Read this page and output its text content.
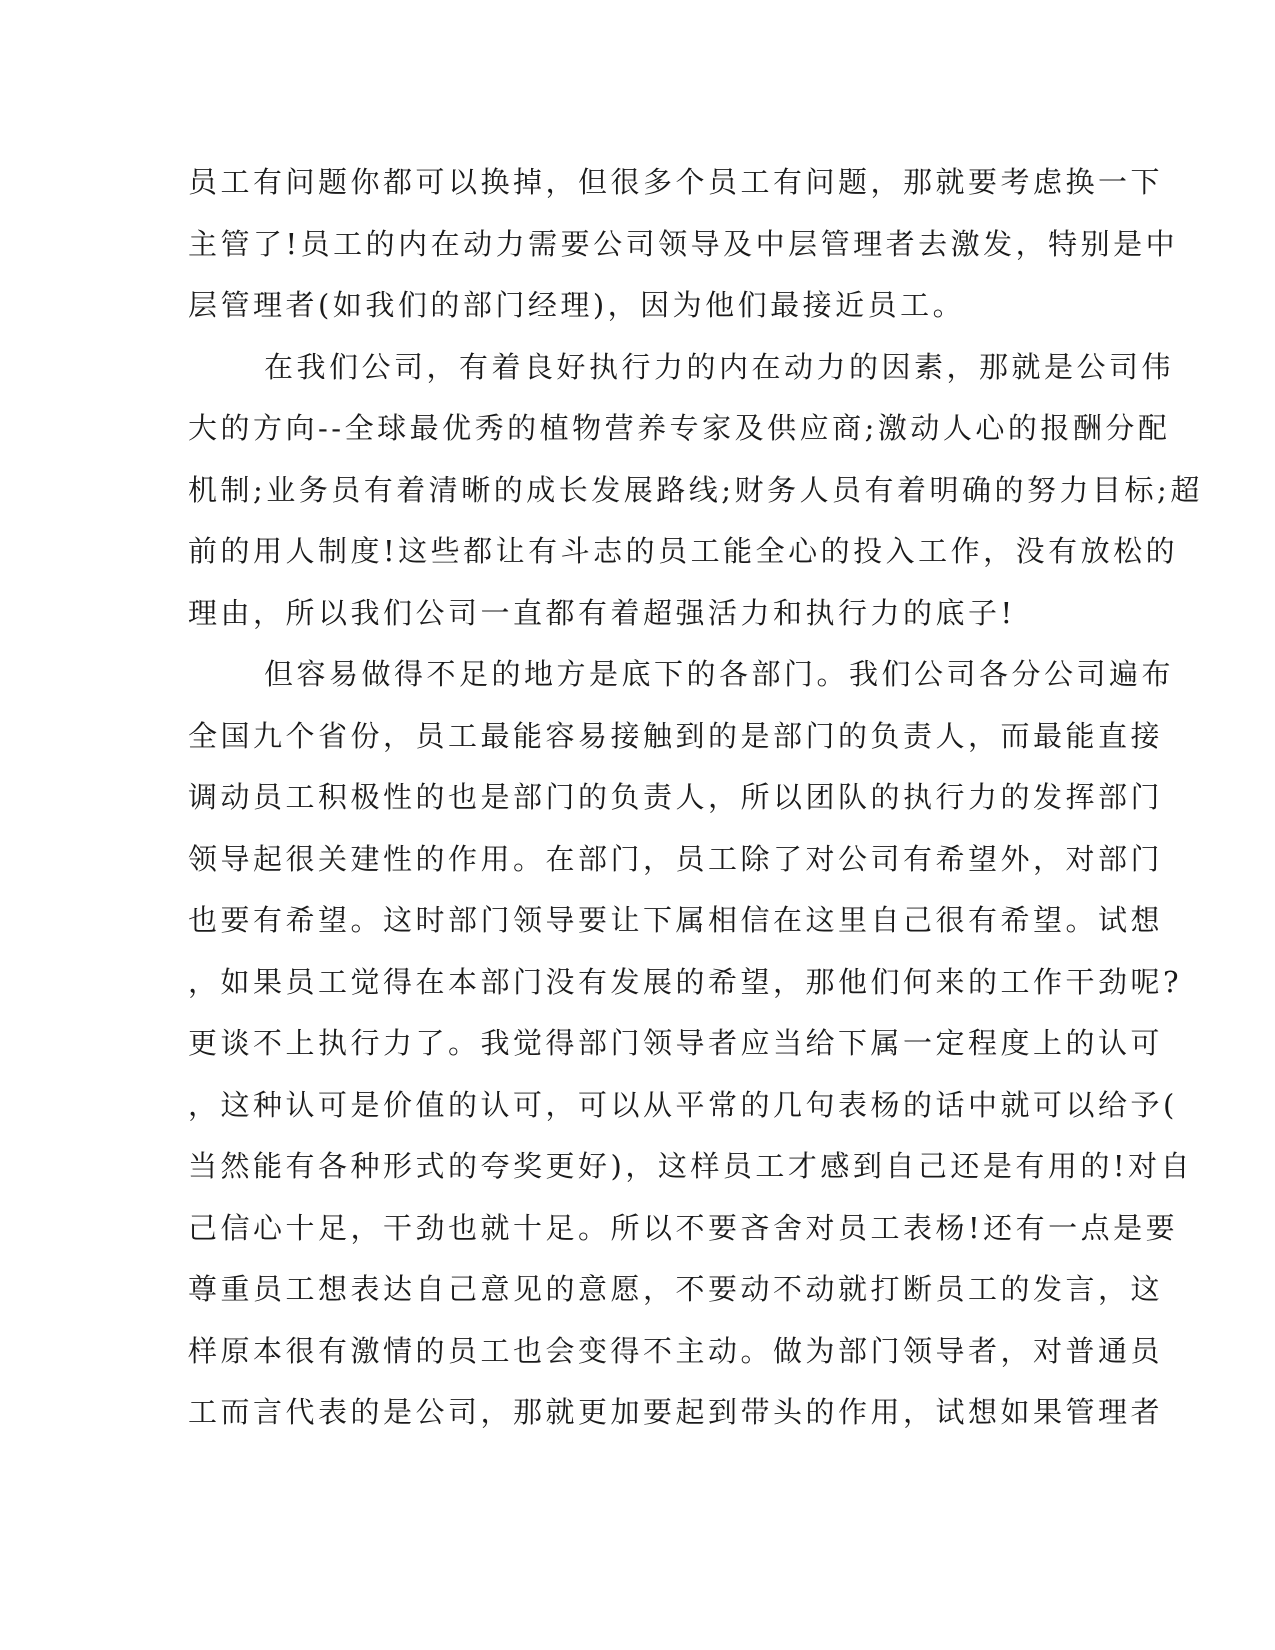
员工有问题你都可以换掉，但很多个员工有问题，那就要考虑换一下
主管了!员工的内在动力需要公司领导及中层管理者去激发，特别是中
层管理者(如我们的部门经理)，因为他们最接近员工。
在我们公司，有着良好执行力的内在动力的因素，那就是公司伟
大的方向--全球最优秀的植物营养专家及供应商;激动人心的报酬分配
机制;业务员有着清晰的成长发展路线;财务人员有着明确的努力目标;超
前的用人制度!这些都让有斗志的员工能全心的投入工作，没有放松的
理由，所以我们公司一直都有着超强活力和执行力的底子!
但容易做得不足的地方是底下的各部门。我们公司各分公司遍布
全国九个省份，员工最能容易接触到的是部门的负责人，而最能直接
调动员工积极性的也是部门的负责人，所以团队的执行力的发挥部门
领导起很关建性的作用。在部门，员工除了对公司有希望外，对部门
也要有希望。这时部门领导要让下属相信在这里自己很有希望。试想
，如果员工觉得在本部门没有发展的希望，那他们何来的工作干劲呢?
更谈不上执行力了。我觉得部门领导者应当给下属一定程度上的认可
，这种认可是价值的认可，可以从平常的几句表杨的话中就可以给予(
当然能有各种形式的夸奖更好)，这样员工才感到自己还是有用的!对自
己信心十足，干劲也就十足。所以不要吝舍对员工表杨!还有一点是要
尊重员工想表达自己意见的意愿，不要动不动就打断员工的发言，这
样原本很有激情的员工也会变得不主动。做为部门领导者，对普通员
工而言代表的是公司，那就更加要起到带头的作用，试想如果管理者
